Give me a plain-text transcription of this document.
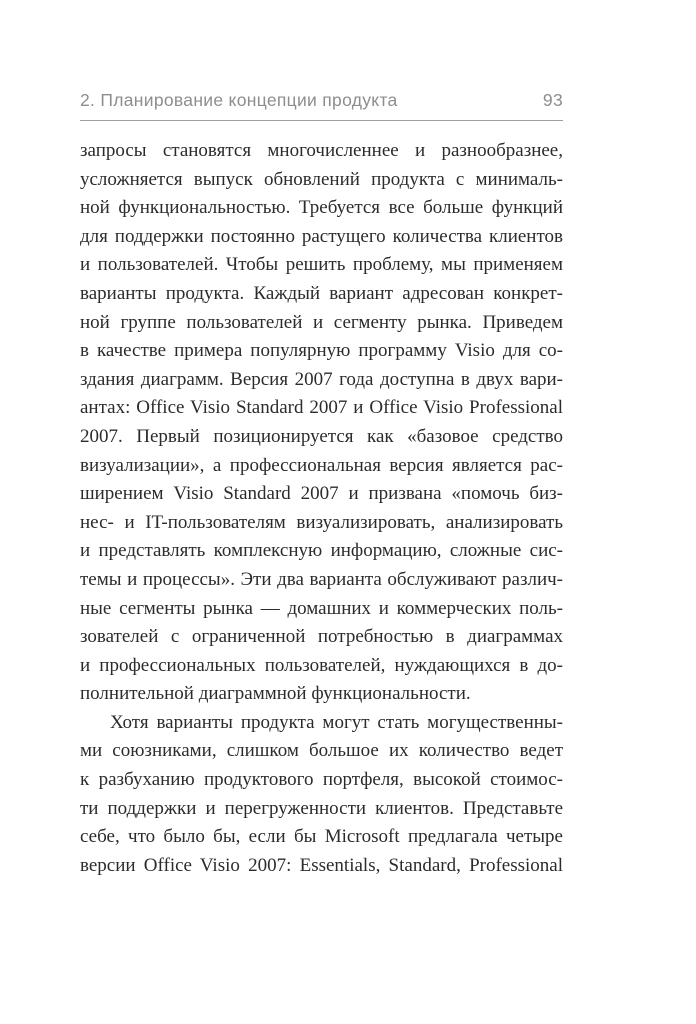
2. Планирование концепции продукта	93
запросы становятся многочисленнее и разнообразнее,
усложняется выпуск обновлений продукта с минималь-
ной функциональностью. Требуется все больше функций
для поддержки постоянно растущего количества клиентов
и пользователей. Чтобы решить проблему, мы применяем
варианты продукта. Каждый вариант адресован конкрет-
ной группе пользователей и сегменту рынка. Приведем
в качестве примера популярную программу Visio для со-
здания диаграмм. Версия 2007 года доступна в двух вари-
антах: Office Visio Standard 2007 и Office Visio Professional
2007. Первый позиционируется как «базовое средство
визуализации», а профессиональная версия является рас-
ширением Visio Standard 2007 и призвана «помочь биз-
нес- и IT-пользователям визуализировать, анализировать
и представлять комплексную информацию, сложные сис-
темы и процессы». Эти два варианта обслуживают различ-
ные сегменты рынка — домашних и коммерческих поль-
зователей с ограниченной потребностью в диаграммах
и профессиональных пользователей, нуждающихся в до-
полнительной диаграммной функциональности.
Хотя варианты продукта могут стать могущественны-
ми союзниками, слишком большое их количество ведет
к разбуханию продуктового портфеля, высокой стоимос-
ти поддержки и перегруженности клиентов. Представьте
себе, что было бы, если бы Microsoft предлагала четыре
версии Office Visio 2007: Essentials, Standard, Professional
